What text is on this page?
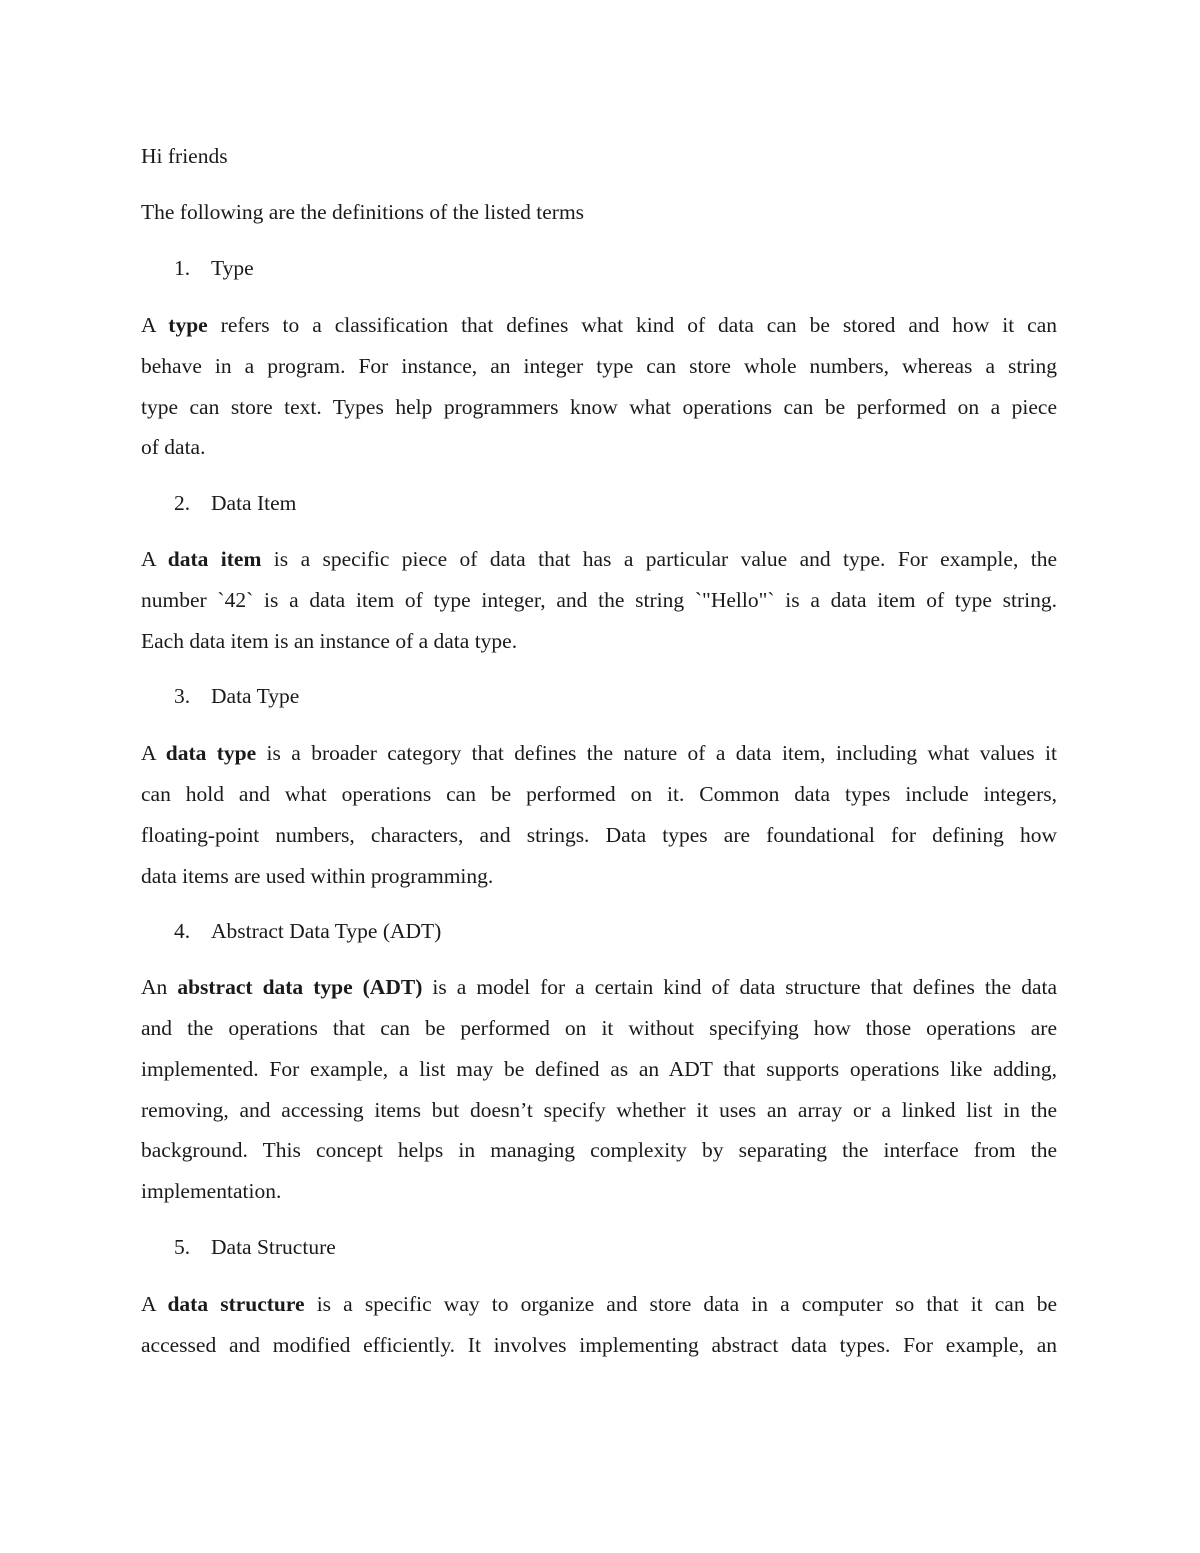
Hi friends
The following are the definitions of the listed terms
1. Type
A type refers to a classification that defines what kind of data can be stored and how it can
behave in a program. For instance, an integer type can store whole numbers, whereas a string
type can store text. Types help programmers know what operations can be performed on a piece
of data.
2. Data Item
A data item is a specific piece of data that has a particular value and type. For example, the
number `42` is a data item of type integer, and the string `"Hello"` is a data item of type string.
Each data item is an instance of a data type.
3. Data Type
A data type is a broader category that defines the nature of a data item, including what values it
can hold and what operations can be performed on it. Common data types include integers,
floating-point numbers, characters, and strings. Data types are foundational for defining how
data items are used within programming.
4. Abstract Data Type (ADT)
An abstract data type (ADT) is a model for a certain kind of data structure that defines the data
and the operations that can be performed on it without specifying how those operations are
implemented. For example, a list may be defined as an ADT that supports operations like adding,
removing, and accessing items but doesn’t specify whether it uses an array or a linked list in the
background. This concept helps in managing complexity by separating the interface from the
implementation.
5. Data Structure
A data structure is a specific way to organize and store data in a computer so that it can be
accessed and modified efficiently. It involves implementing abstract data types. For example, an
